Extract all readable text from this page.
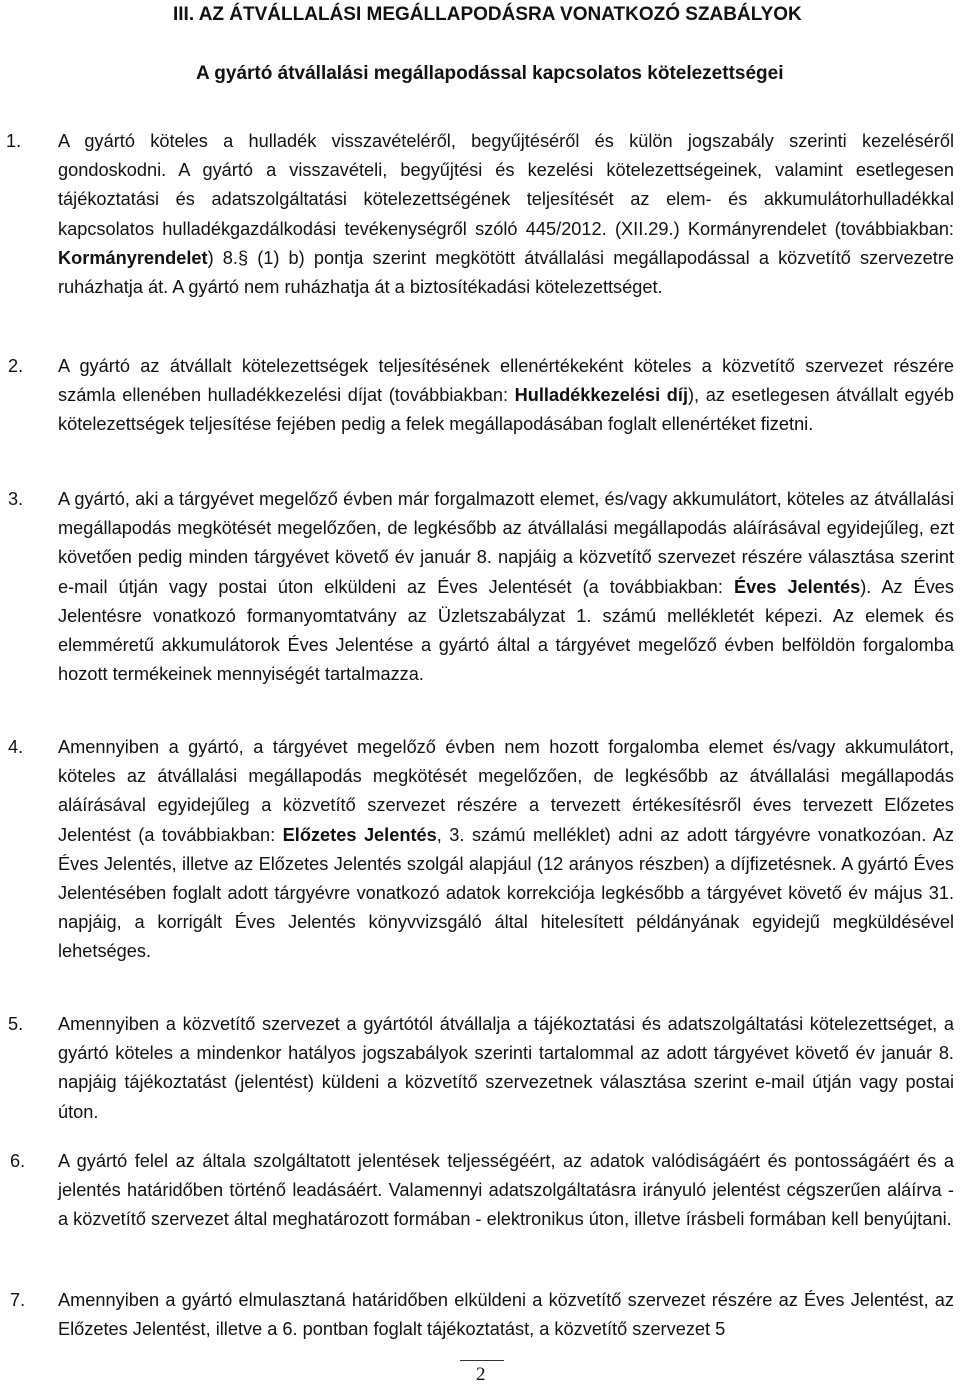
III. AZ ÁTVÁLLALÁSI MEGÁLLAPODÁSRA VONATKOZÓ SZABÁLYOK
A gyártó átvállalási megállapodással kapcsolatos kötelezettségei
1. A gyártó köteles a hulladék visszavételéről, begyűjtéséről és külön jogszabály szerinti kezeléséről gondoskodni. A gyártó a visszavételi, begyűjtési és kezelési kötelezettségeinek, valamint esetlegesen tájékoztatási és adatszolgáltatási kötelezettségének teljesítését az elem- és akkumulátorhulladékkal kapcsolatos hulladékgazdálkodási tevékenységről szóló 445/2012. (XII.29.) Kormányrendelet (továbbiakban: Kormányrendelet) 8.§ (1) b) pontja szerint megkötött átvállalási megállapodással a közvetítő szervezetre ruházhatja át. A gyártó nem ruházhatja át a biztosítékadási kötelezettséget.
2. A gyártó az átvállalt kötelezettségek teljesítésének ellenértékeként köteles a közvetítő szervezet részére számla ellenében hulladékkezelési díjat (továbbiakban: Hulladékkezelési díj), az esetlegesen átvállalt egyéb kötelezettségek teljesítése fejében pedig a felek megállapodásában foglalt ellenértéket fizetni.
3. A gyártó, aki a tárgyévet megelőző évben már forgalmazott elemet, és/vagy akkumulátort, köteles az átvállalási megállapodás megkötését megelőzően, de legkésőbb az átvállalási megállapodás aláírásával egyidejűleg, ezt követően pedig minden tárgyévet követő év január 8. napjáig a közvetítő szervezet részére választása szerint e-mail útján vagy postai úton elküldeni az Éves Jelentését (a továbbiakban: Éves Jelentés). Az Éves Jelentésre vonatkozó formanyomtatvány az Üzletszabályzat 1. számú mellékletét képezi. Az elemek és elemméretű akkumulátorok Éves Jelentése a gyártó által a tárgyévet megelőző évben belföldön forgalomba hozott termékeinek mennyiségét tartalmazza.
4. Amennyiben a gyártó, a tárgyévet megelőző évben nem hozott forgalomba elemet és/vagy akkumulátort, köteles az átvállalási megállapodás megkötését megelőzően, de legkésőbb az átvállalási megállapodás aláírásával egyidejűleg a közvetítő szervezet részére a tervezett értékesítésről éves tervezett Előzetes Jelentést (a továbbiakban: Előzetes Jelentés, 3. számú melléklet) adni az adott tárgyévre vonatkozóan. Az Éves Jelentés, illetve az Előzetes Jelentés szolgál alapjául (12 arányos részben) a díjfizetésnek. A gyártó Éves Jelentésében foglalt adott tárgyévre vonatkozó adatok korrekciója legkésőbb a tárgyévet követő év május 31. napjáig, a korrigált Éves Jelentés könyvvizsgáló által hitelesített példányának egyidejű megküldésével lehetséges.
5. Amennyiben a közvetítő szervezet a gyártótól átvállalja a tájékoztatási és adatszolgáltatási kötelezettséget, a gyártó köteles a mindenkor hatályos jogszabályok szerinti tartalommal az adott tárgyévet követő év január 8. napjáig tájékoztatást (jelentést) küldeni a közvetítő szervezetnek választása szerint e-mail útján vagy postai úton.
6. A gyártó felel az általa szolgáltatott jelentések teljességéért, az adatok valódiságáért és pontosságáért és a jelentés határidőben történő leadásáért. Valamennyi adatszolgáltatásra irányuló jelentést cégszerűen aláírva - a közvetítő szervezet által meghatározott formában - elektronikus úton, illetve írásbeli formában kell benyújtani.
7. Amennyiben a gyártó elmulasztaná határidőben elküldeni a közvetítő szervezet részére az Éves Jelentést, az Előzetes Jelentést, illetve a 6. pontban foglalt tájékoztatást, a közvetítő szervezet 5
2
